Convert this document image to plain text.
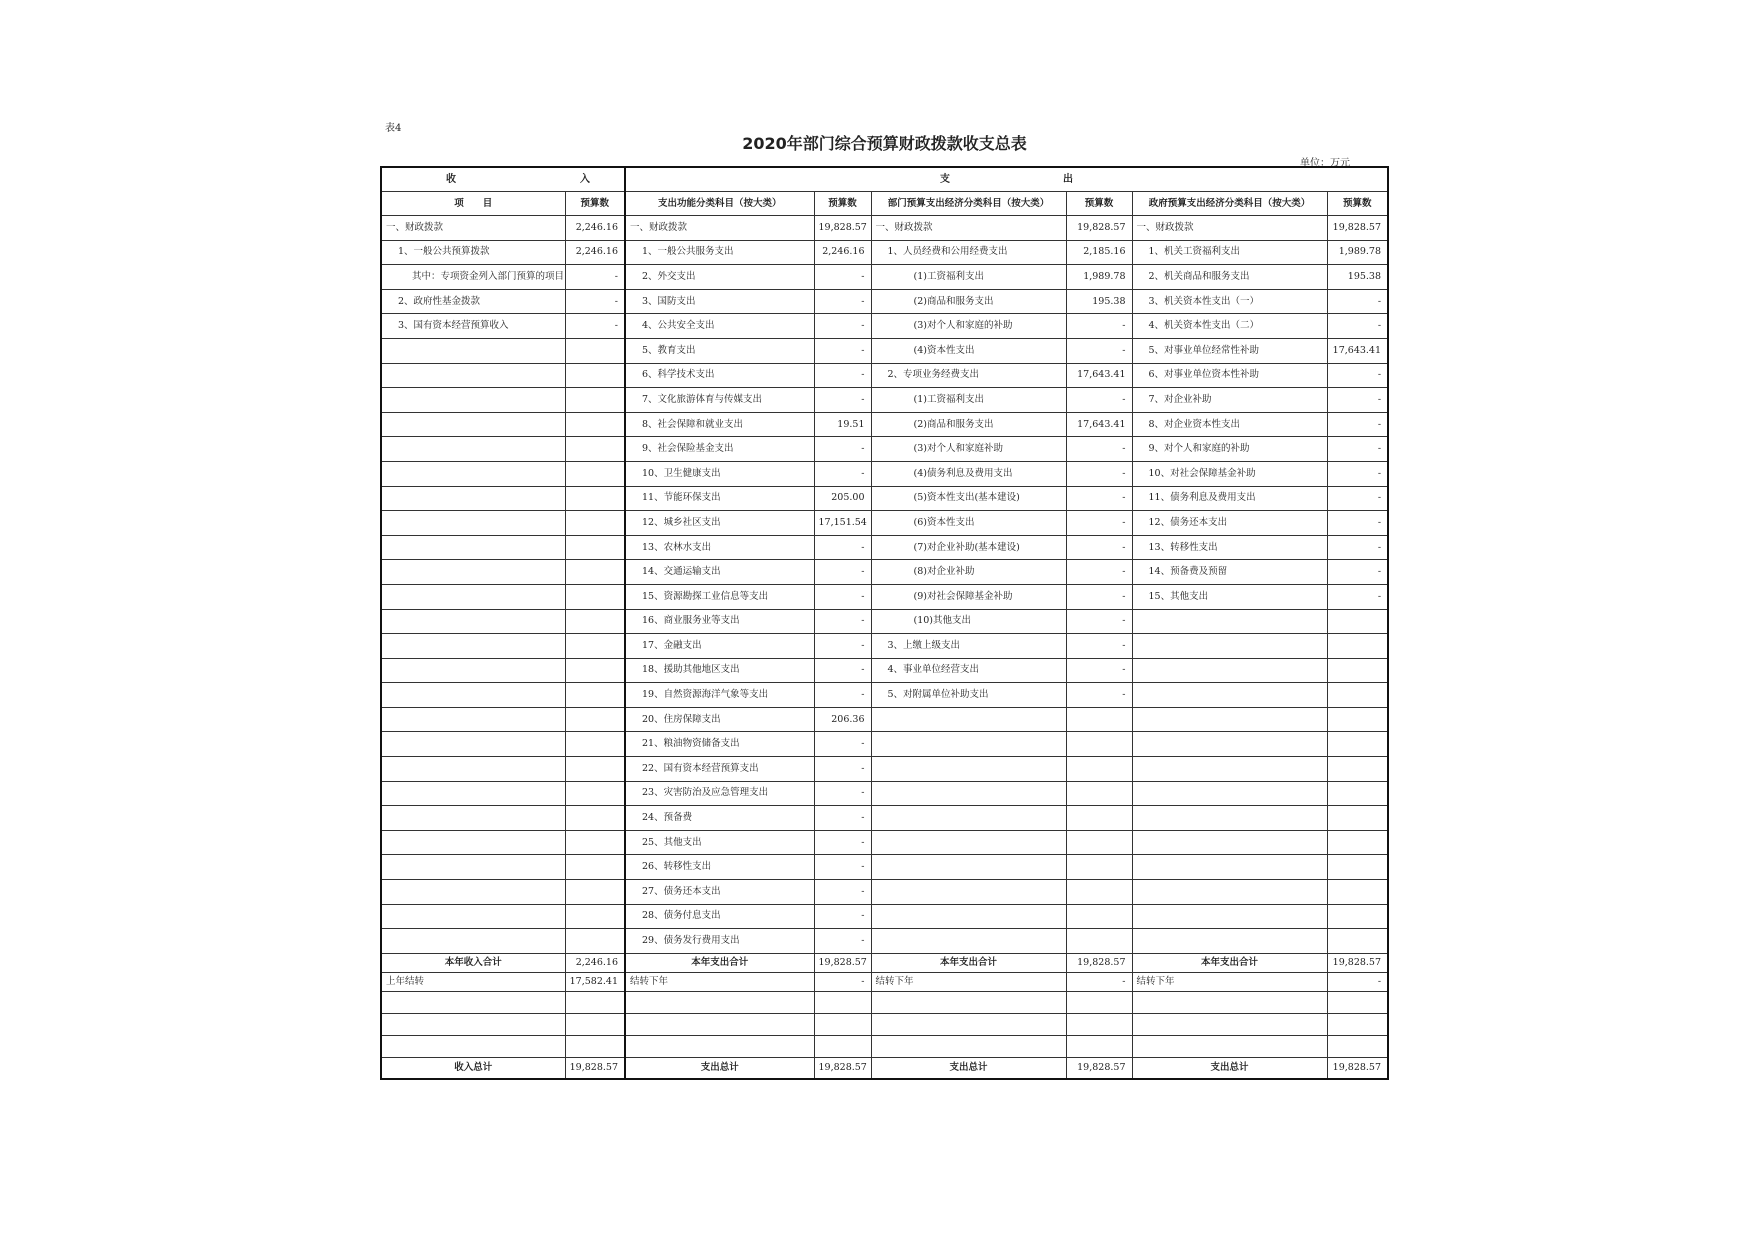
表4
2020年部门综合预算财政拨款收支总表
单位：万元
收 入		支 出					

项　　目	预算数	支出功能分类科目（按大类）	预算数	部门预算支出经济分类科目（按大类）	预算数	政府预算支出经济分类科目（按大类）	预算数
一、财政拨款	2,246.16	一、财政拨款	19,828.57	一、财政拨款	19,828.57	一、财政拨款	19,828.57
1、一般公共预算拨款	2,246.16	1、一般公共服务支出	2,246.16	1、人员经费和公用经费支出	2,185.16	1、机关工资福利支出	1,989.78
其中：专项资金列入部门预算的项目	-	2、外交支出	-	(1)工资福利支出	1,989.78	2、机关商品和服务支出	195.38
2、政府性基金拨款	-	3、国防支出	-	(2)商品和服务支出	195.38	3、机关资本性支出（一）	-
3、国有资本经营预算收入	-	4、公共安全支出	-	(3)对个人和家庭的补助	-	4、机关资本性支出（二）	-
		5、教育支出	-	(4)资本性支出	-	5、对事业单位经常性补助	17,643.41
		6、科学技术支出	-	2、专项业务经费支出	17,643.41	6、对事业单位资本性补助	-
		7、文化旅游体育与传媒支出	-	(1)工资福利支出	-	7、对企业补助	-
		8、社会保障和就业支出	19.51	(2)商品和服务支出	17,643.41	8、对企业资本性支出	-
		9、社会保险基金支出	-	(3)对个人和家庭补助	-	9、对个人和家庭的补助	-
		10、卫生健康支出	-	(4)债务利息及费用支出	-	10、对社会保障基金补助	-
		11、节能环保支出	205.00	(5)资本性支出(基本建设)	-	11、债务利息及费用支出	-
		12、城乡社区支出	17,151.54	(6)资本性支出	-	12、债务还本支出	-
		13、农林水支出	-	(7)对企业补助(基本建设)	-	13、转移性支出	-
		14、交通运输支出	-	(8)对企业补助	-	14、预备费及预留	-
		15、资源勘探工业信息等支出	-	(9)对社会保障基金补助	-	15、其他支出	-
		16、商业服务业等支出	-	(10)其他支出	-		
		17、金融支出	-	3、上缴上级支出	-		
		18、援助其他地区支出	-	4、事业单位经营支出	-		
		19、自然资源海洋气象等支出	-	5、对附属单位补助支出	-		
		20、住房保障支出	206.36				
		21、粮油物资储备支出	-				
		22、国有资本经营预算支出	-				
		23、灾害防治及应急管理支出	-				
		24、预备费	-				
		25、其他支出	-				
		26、转移性支出	-				
		27、债务还本支出	-				
		28、债务付息支出	-				
		29、债务发行费用支出	-				
本年收入合计	2,246.16	本年支出合计	19,828.57	本年支出合计	19,828.57	本年支出合计	19,828.57
上年结转	17,582.41	结转下年	-	结转下年	-	结转下年	-

收入总计	19,828.57	支出总计	19,828.57	支出总计	19,828.57	支出总计	19,828.57
